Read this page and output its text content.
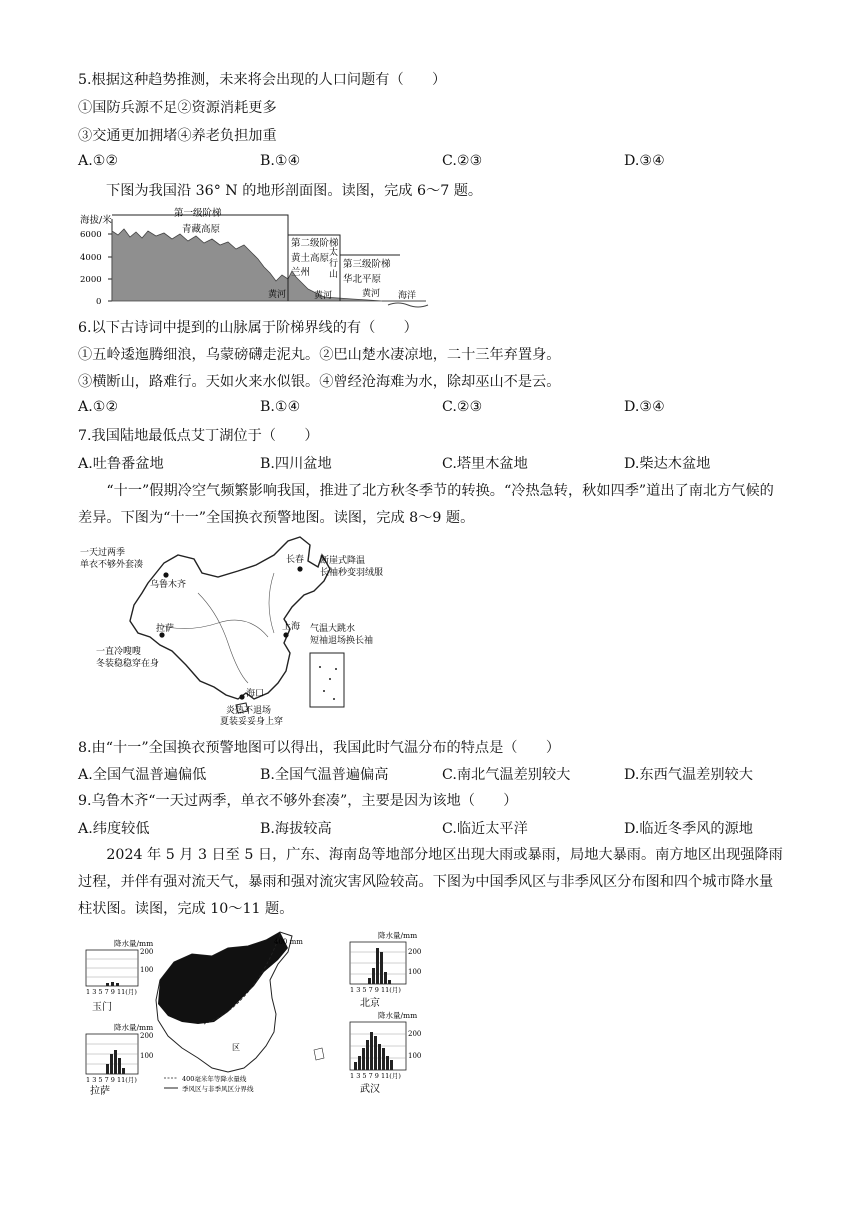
5.根据这种趋势推测，未来将会出现的人口问题有（　　）
①国防兵源不足②资源消耗更多
③交通更加拥堵④养老负担加重
A.①②	B.①④	C.②③	D.③④
下图为我国沿 36° N 的地形剖面图。读图，完成 6～7 题。
海拔/米
6000
4000
2000
0
第一级阶梯
青藏高原
第二级阶梯
黄土高原
兰州
太
行
山
第三级阶梯
华北平原
黄河	黄河	黄河 海洋
6.以下古诗词中提到的山脉属于阶梯界线的有（　　）
①五岭逶迤腾细浪，乌蒙磅礴走泥丸。②巴山楚水凄凉地，二十三年弃置身。
③横断山，路难行。天如火来水似银。④曾经沧海难为水，除却巫山不是云。
A.①②	B.①④	C.②③	D.③④
7.我国陆地最低点艾丁湖位于（　　）
A.吐鲁番盆地	B.四川盆地	C.塔里木盆地	D.柴达木盆地
“十一”假期冷空气频繁影响我国，推进了北方秋冬季节的转换。“冷热急转，秋如四季”道出了南北方气候的差异。下图为“十一”全国换衣预警地图。读图，完成 8～9 题。
一天过两季
单衣不够外套凑
乌鲁木齐
长春 断崖式降温
长袖秒变羽绒服
拉萨
一直冷嗖嗖
冬装稳稳穿在身
上海 气温大跳水
短袖退场换长袖
海口
炎热不退场
夏装妥妥身上穿
8.由“十一”全国换衣预警地图可以得出，我国此时气温分布的特点是（　　）
A.全国气温普遍偏低	B.全国气温普遍偏高	C.南北气温差别较大	D.东西气温差别较大
9.乌鲁木齐“一天过两季，单衣不够外套凑”，主要是因为该地（　　）
A.纬度较低	B.海拔较高	C.临近太平洋	D.临近冬季风的源地
2024 年 5 月 3 日至 5 日，广东、海南岛等地部分地区出现大雨或暴雨，局地大暴雨。南方地区出现强降雨过程，并伴有强对流天气，暴雨和强对流灾害风险较高。下图为中国季风区与非季风区分布图和四个城市降水量柱状图。读图，完成 10～11 题。
降水量/mm
200
100
1 3 5 7 9 11(月)
玉门
降水量/mm
200
100
1 3 5 7 9 11(月)
拉萨
400 mm
区
400毫米年等降水量线
季风区与非季风区分界线
降水量/mm
200
100
1 3 5 7 9 11(月)
北京
降水量/mm
200
100
1 3 5 7 9 11(月)
武汉
